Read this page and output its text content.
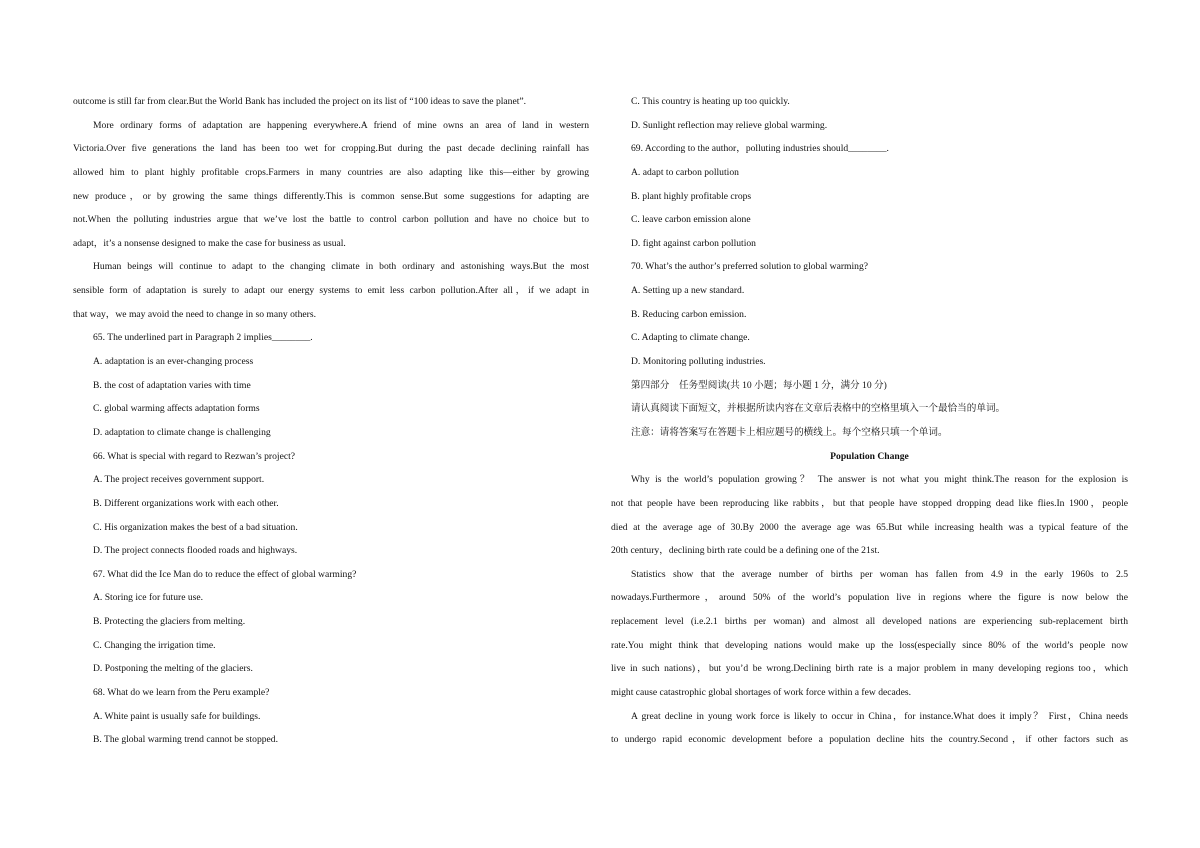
outcome is still far from clear.But the World Bank has included the project on its list of “100 ideas to save the planet”.
More ordinary forms of adaptation are happening everywhere.A friend of mine owns an area of land in western
Victoria.Over five generations the land has been too wet for cropping.But during the past decade declining rainfall has
allowed him to plant highly profitable crops.Farmers in many countries are also adapting like this—either by growing
new produce，or by growing the same things differently.This is common sense.But some suggestions for adapting are
not.When the polluting industries argue that we’ve lost the battle to control carbon pollution and have no choice but to
adapt，it’s a nonsense designed to make the case for business as usual.
Human beings will continue to adapt to the changing climate in both ordinary and astonishing ways.But the most
sensible form of adaptation is surely to adapt our energy systems to emit less carbon pollution.After all，if we adapt in
that way，we may avoid the need to change in so many others.
65. The underlined part in Paragraph 2 implies________.
A. adaptation is an ever-changing process
B. the cost of adaptation varies with time
C. global warming affects adaptation forms
D. adaptation to climate change is challenging
66. What is special with regard to Rezwan’s project?
A. The project receives government support.
B. Different organizations work with each other.
C. His organization makes the best of a bad situation.
D. The project connects flooded roads and highways.
67. What did the Ice Man do to reduce the effect of global warming?
A. Storing ice for future use.
B. Protecting the glaciers from melting.
C. Changing the irrigation time.
D. Postponing the melting of the glaciers.
68. What do we learn from the Peru example?
A. White paint is usually safe for buildings.
B. The global warming trend cannot be stopped.
C. This country is heating up too quickly.
D. Sunlight reflection may relieve global warming.
69. According to the author，polluting industries should________.
A. adapt to carbon pollution
B. plant highly profitable crops
C. leave carbon emission alone
D. fight against carbon pollution
70. What’s the author’s preferred solution to global warming?
A. Setting up a new standard.
B. Reducing carbon emission.
C. Adapting to climate change.
D. Monitoring polluting industries.
第四部分　任务型阅读(共 10 小题；每小题 1 分，满分 10 分)
请认真阅读下面短文，并根据所读内容在文章后表格中的空格里填入一个最恰当的单词。
注意：请将答案写在答题卡上相应题号的横线上。每个空格只填一个单词。
Population Change
Why is the world’s population growing？ The answer is not what you might think.The reason for the explosion is
not that people have been reproducing like rabbits，but that people have stopped dropping dead like flies.In 1900，people
died at the average age of 30.By 2000 the average age was 65.But while increasing health was a typical feature of the
20th century，declining birth rate could be a defining one of the 21st.
Statistics show that the average number of births per woman has fallen from 4.9 in the early 1960s to 2.5
nowadays.Furthermore，around 50% of the world’s population live in regions where the figure is now below the
replacement level (i.e.2.1 births per woman) and almost all developed nations are experiencing sub-replacement birth
rate.You might think that developing nations would make up the loss(especially since 80% of the world’s people now
live in such nations)，but you’d be wrong.Declining birth rate is a major problem in many developing regions too，which
might cause catastrophic global shortages of work force within a few decades.
A great decline in young work force is likely to occur in China，for instance.What does it imply？ First，China needs
to undergo rapid economic development before a population decline hits the country.Second，if other factors such as
